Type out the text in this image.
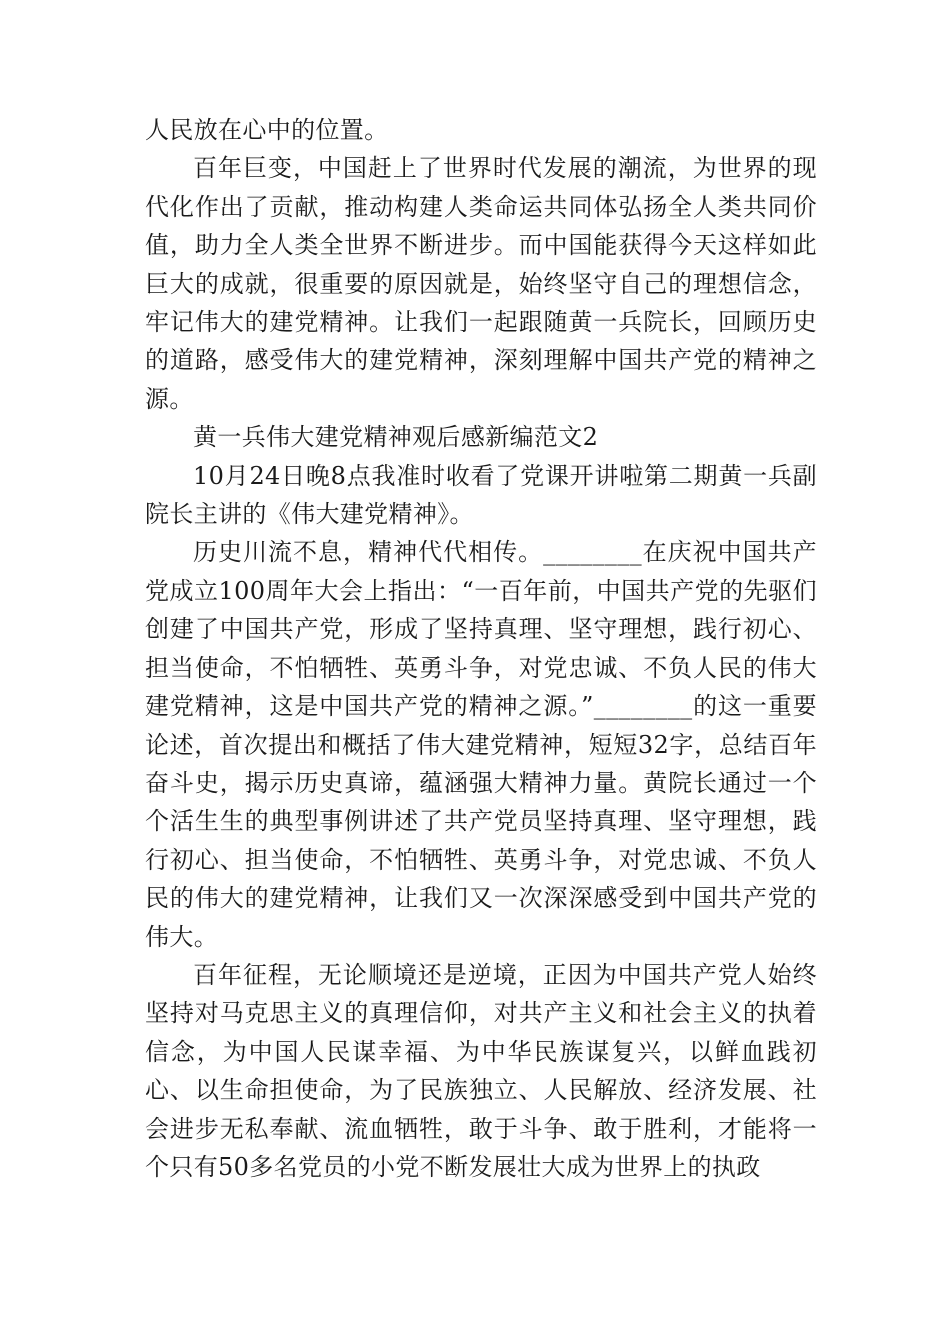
人民放在心中的位置。

百年巨变，中国赶上了世界时代发展的潮流，为世界的现代化作出了贡献，推动构建人类命运共同体弘扬全人类共同价值，助力全人类全世界不断进步。而中国能获得今天这样如此巨大的成就，很重要的原因就是，始终坚守自己的理想信念，牢记伟大的建党精神。让我们一起跟随黄一兵院长，回顾历史的道路，感受伟大的建党精神，深刻理解中国共产党的精神之源。

黄一兵伟大建党精神观后感新编范文2

10月24日晚8点我准时收看了党课开讲啦第二期黄一兵副院长主讲的《伟大建党精神》。

历史川流不息，精神代代相传。________在庆祝中国共产党成立100周年大会上指出：“一百年前，中国共产党的先驱们创建了中国共产党，形成了坚持真理、坚守理想，践行初心、担当使命，不怕牺牲、英勇斗争，对党忠诚、不负人民的伟大建党精神，这是中国共产党的精神之源。”________的这一重要论述，首次提出和概括了伟大建党精神，短短32字，总结百年奋斗史，揭示历史真谛，蕴涵强大精神力量。黄院长通过一个个活生生的典型事例讲述了共产党员坚持真理、坚守理想，践行初心、担当使命，不怕牺牲、英勇斗争，对党忠诚、不负人民的伟大的建党精神，让我们又一次深深感受到中国共产党的伟大。

百年征程，无论顺境还是逆境，正因为中国共产党人始终坚持对马克思主义的真理信仰，对共产主义和社会主义的执着信念，为中国人民谋幸福、为中华民族谋复兴，以鲜血践初心、以生命担使命，为了民族独立、人民解放、经济发展、社会进步无私奉献、流血牺牲，敢于斗争、敢于胜利，才能将一个只有50多名党员的小党不断发展壮大成为世界上的执政
